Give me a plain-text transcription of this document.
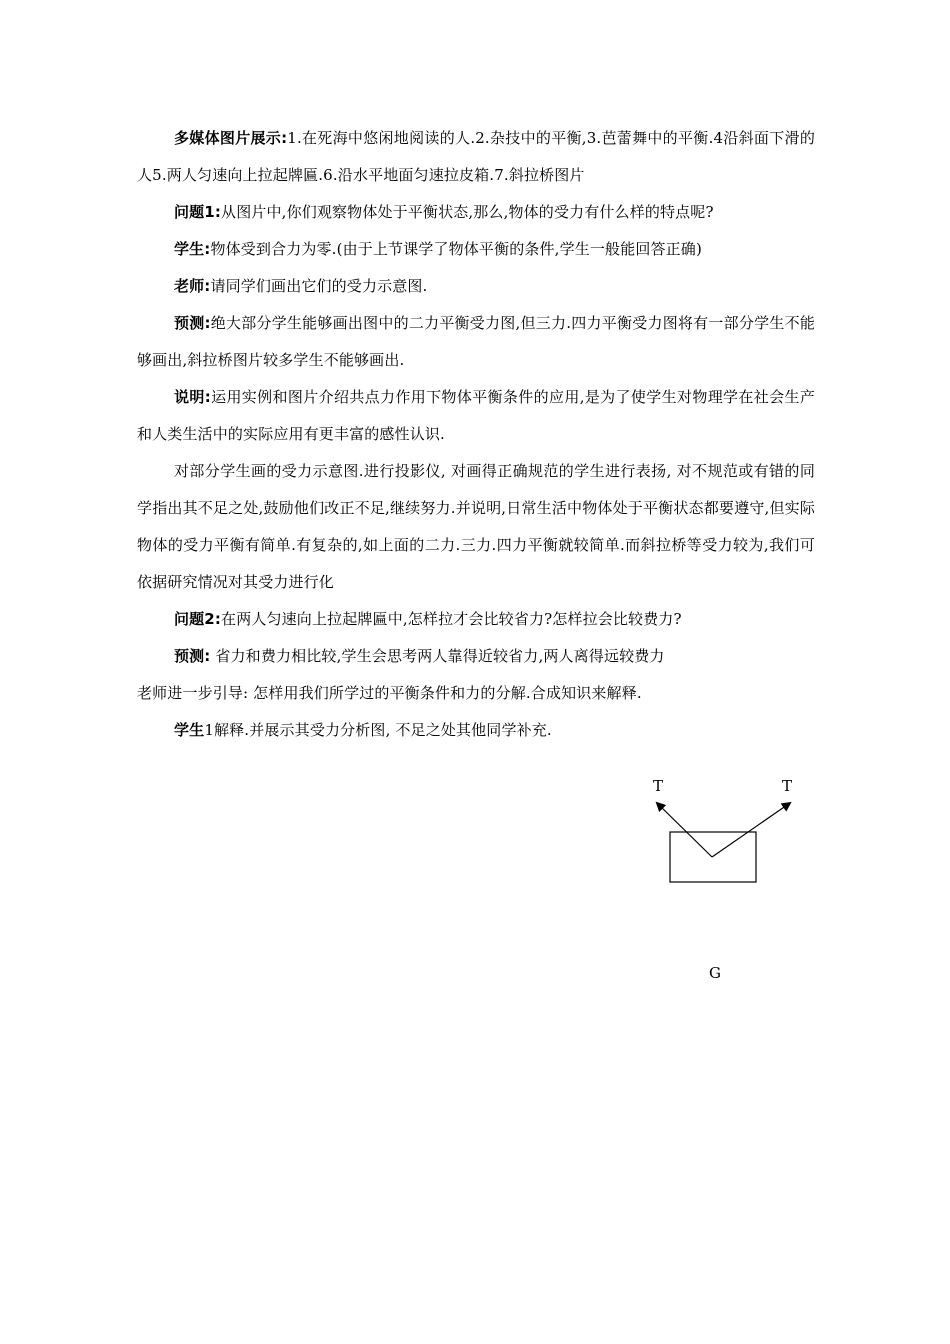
多媒体图片展示:1.在死海中悠闲地阅读的人.2.杂技中的平衡,3.芭蕾舞中的平衡.4沿斜面下滑的人5.两人匀速向上拉起牌匾.6.沿水平地面匀速拉皮箱.7.斜拉桥图片

问题1:从图片中,你们观察物体处于平衡状态,那么,物体的受力有什么样的特点呢?

学生:物体受到合力为零.(由于上节课学了物体平衡的条件,学生一般能回答正确)

老师:请同学们画出它们的受力示意图.

预测:绝大部分学生能够画出图中的二力平衡受力图,但三力.四力平衡受力图将有一部分学生不能够画出,斜拉桥图片较多学生不能够画出.

说明:运用实例和图片介绍共点力作用下物体平衡条件的应用,是为了使学生对物理学在社会生产和人类生活中的实际应用有更丰富的感性认识.

对部分学生画的受力示意图.进行投影仪, 对画得正确规范的学生进行表扬, 对不规范或有错的同学指出其不足之处,鼓励他们改正不足,继续努力.并说明,日常生活中物体处于平衡状态都要遵守,但实际物体的受力平衡有简单.有复杂的,如上面的二力.三力.四力平衡就较简单.而斜拉桥等受力较为,我们可依据研究情况对其受力进行化

问题2:在两人匀速向上拉起牌匾中,怎样拉才会比较省力?怎样拉会比较费力?

预测: 省力和费力相比较,学生会思考两人靠得近较省力,两人离得远较费力

老师进一步引导: 怎样用我们所学过的平衡条件和力的分解.合成知识来解释.

学生1解释.并展示其受力分析图, 不足之处其他同学补充.

T	T
G
